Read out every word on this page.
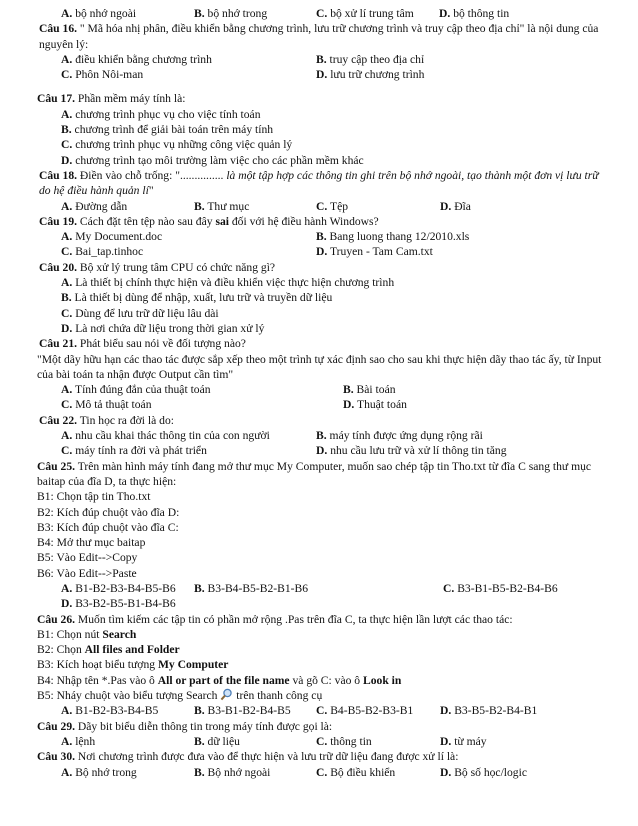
A. bộ nhớ ngoài	B. bộ nhớ trong	C. bộ xử lí trung tâm	D. bộ thông tin
Câu 16. " Mã hóa nhị phân, điều khiển bằng chương trình, lưu trữ chương trình và truy cập theo địa chỉ" là nội dung của nguyên lý:
A. điều khiển bằng chương trình	B. truy cập theo địa chỉ
C. Phôn Nôi-man	D. lưu trữ chương trình
Câu 17. Phần mềm máy tính là:
A. chương trình phục vụ cho việc tính toán
B. chương trình để giải bài toán trên máy tính
C. chương trình phục vụ những công việc quản lý
D. chương trình tạo môi trường làm việc cho các phần mềm khác
Câu 18. Điền vào chỗ trống: "............... là một tập hợp các thông tin ghi trên bộ nhớ ngoài, tạo thành một đơn vị lưu trữ do hệ điều hành quản lí"
A. Đường dẫn	B. Thư mục	C. Tệp	D. Đĩa
Câu 19. Cách đặt tên tệp nào sau đây sai đối với hệ điều hành Windows?
A. My Document.doc	B. Bang luong thang 12/2010.xls
C. Bai_tap.tinhoc	D. Truyen - Tam Cam.txt
Câu 20. Bộ xử lý trung tâm CPU có chức năng gì?
A. Là thiết bị chính thực hiện và điều khiển việc thực hiện chương trình
B. Là thiết bị dùng để nhập, xuất, lưu trữ và truyền dữ liệu
C. Dùng để lưu trữ dữ liệu lâu dài
D. Là nơi chứa dữ liệu trong thời gian xử lý
Câu 21. Phát biểu sau nói về đối tượng nào?
"Một dãy hữu hạn các thao tác được sắp xếp theo một trình tự xác định sao cho sau khi thực hiện dãy thao tác ấy, từ Input của bài toán ta nhận được Output cần tìm"
A. Tính đúng đắn của thuật toán	B. Bài toán
C. Mô tả thuật toán	D. Thuật toán
Câu 22. Tin học ra đời là do:
A. nhu cầu khai thác thông tin của con người	B. máy tính được ứng dụng rộng rãi
C. máy tính ra đời và phát triển	D. nhu cầu lưu trữ và xử lí thông tin tăng
Câu 25. Trên màn hình máy tính đang mở thư mục My Computer, muốn sao chép tập tin Tho.txt từ đĩa C sang thư mục baitap của đĩa D, ta thực hiện:
B1: Chọn tập tin Tho.txt
B2: Kích đúp chuột vào đĩa D:
B3: Kích đúp chuột vào đĩa C:
B4: Mở thư mục baitap
B5: Vào Edit-->Copy
B6: Vào Edit-->Paste
A. B1-B2-B3-B4-B5-B6	B. B3-B4-B5-B2-B1-B6	C. B3-B1-B5-B2-B4-B6
D. B3-B2-B5-B1-B4-B6
Câu 26. Muốn tìm kiếm các tập tin có phần mở rộng .Pas trên đĩa C, ta thực hiện lần lượt các thao tác:
B1: Chọn nút Search
B2: Chọn All files and Folder
B3: Kích hoạt biểu tượng My Computer
B4: Nhập tên *.Pas vào ô All or part of the file name và gõ C: vào ô Look in
B5: Nháy chuột vào biểu tượng Search  trên thanh công cụ
A. B1-B2-B3-B4-B5	B. B3-B1-B2-B4-B5	C. B4-B5-B2-B3-B1	D. B3-B5-B2-B4-B1
Câu 29. Dãy bit biểu diễn thông tin trong máy tính được gọi là:
A. lệnh	B. dữ liệu	C. thông tin	D. từ máy
Câu 30. Nơi chương trình được đưa vào để thực hiện và lưu trữ dữ liệu đang được xử lí là:
A. Bộ nhớ trong	B. Bộ nhớ ngoài	C. Bộ điều khiển	D. Bộ số học/logic
